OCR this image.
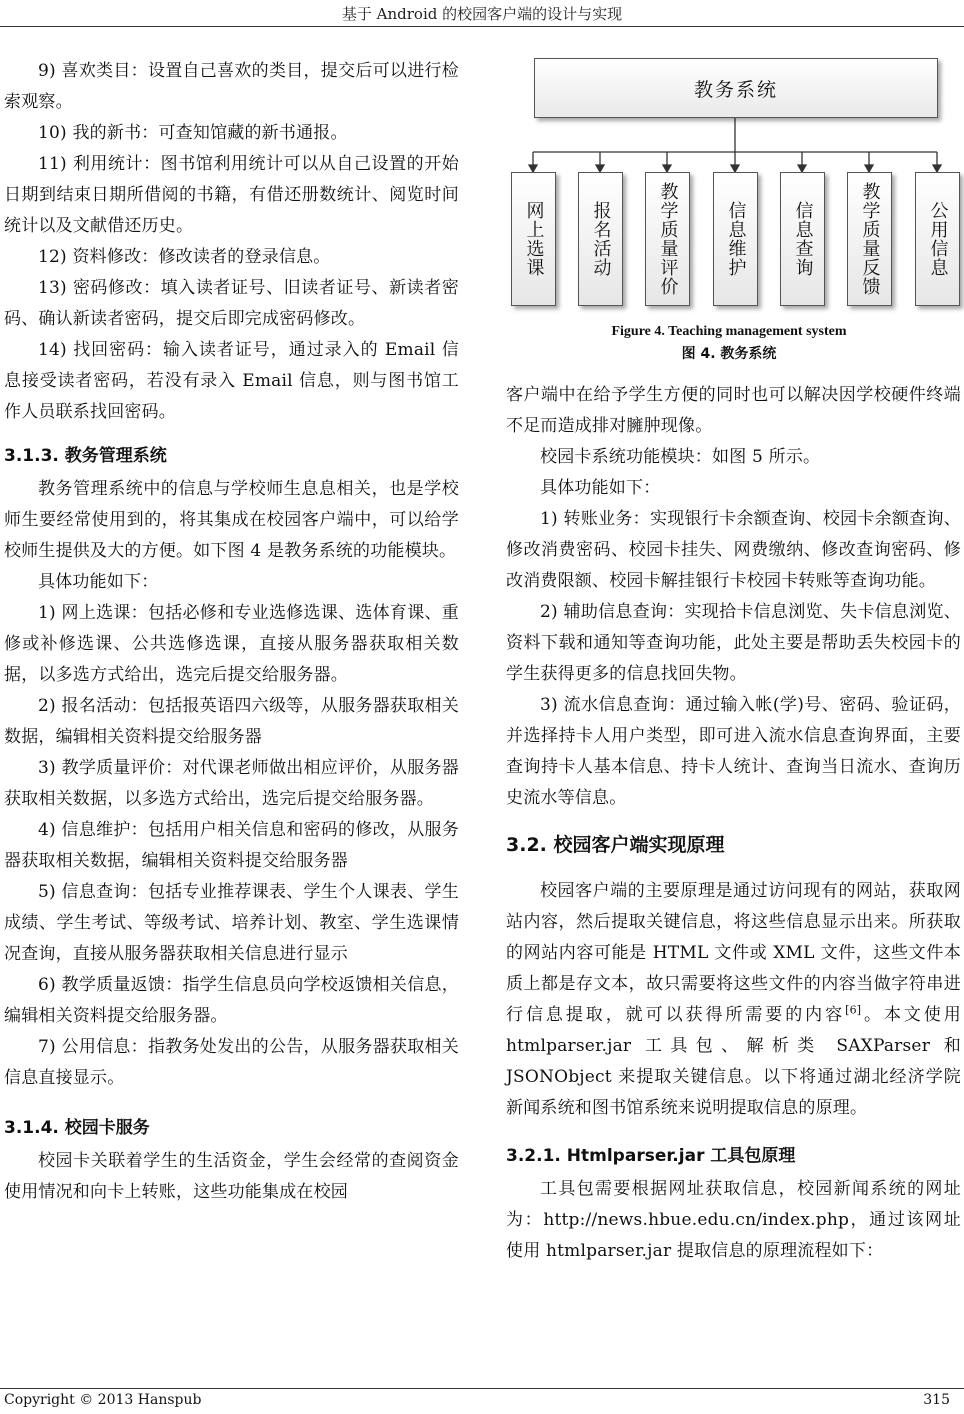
基于 Android 的校园客户端的设计与实现

9) 喜欢类目：设置自己喜欢的类目，提交后可以进行检索观察。

10) 我的新书：可查知馆藏的新书通报。

11) 利用统计：图书馆利用统计可以从自己设置的开始日期到结束日期所借阅的书籍，有借还册数统计、阅览时间统计以及文献借还历史。

12) 资料修改：修改读者的登录信息。

13) 密码修改：填入读者证号、旧读者证号、新读者密码、确认新读者密码，提交后即完成密码修改。

14) 找回密码：输入读者证号，通过录入的 Email 信息接受读者密码，若没有录入 Email 信息，则与图书馆工作人员联系找回密码。

3.1.3. 教务管理系统

教务管理系统中的信息与学校师生息息相关，也是学校师生要经常使用到的，将其集成在校园客户端中，可以给学校师生提供及大的方便。如下图 4 是教务系统的功能模块。

具体功能如下：

1) 网上选课：包括必修和专业选修选课、选体育课、重修或补修选课、公共选修选课，直接从服务器获取相关数据，以多选方式给出，选完后提交给服务器。

2) 报名活动：包括报英语四六级等，从服务器获取相关数据，编辑相关资料提交给服务器

3) 教学质量评价：对代课老师做出相应评价，从服务器获取相关数据，以多选方式给出，选完后提交给服务器。

4) 信息维护：包括用户相关信息和密码的修改，从服务器获取相关数据，编辑相关资料提交给服务器

5) 信息查询：包括专业推荐课表、学生个人课表、学生成绩、学生考试、等级考试、培养计划、教室、学生选课情况查询，直接从服务器获取相关信息进行显示

6) 教学质量返馈：指学生信息员向学校返馈相关信息，编辑相关资料提交给服务器。

7) 公用信息：指教务处发出的公告，从服务器获取相关信息直接显示。

3.1.4. 校园卡服务

校园卡关联着学生的生活资金，学生会经常的查阅资金使用情况和向卡上转账，这些功能集成在校园

教务系统
网上选课	报名活动	教学质量评价	信息维护	信息查询	教学质量反馈	公用信息
Figure 4. Teaching management system
图 4. 教务系统

客户端中在给予学生方便的同时也可以解决因学校硬件终端不足而造成排对臃肿现像。

校园卡系统功能模块：如图 5 所示。

具体功能如下：

1) 转账业务：实现银行卡余额查询、校园卡余额查询、修改消费密码、校园卡挂失、网费缴纳、修改查询密码、修改消费限额、校园卡解挂银行卡校园卡转账等查询功能。

2) 辅助信息查询：实现拾卡信息浏览、失卡信息浏览、资料下载和通知等查询功能，此处主要是帮助丢失校园卡的学生获得更多的信息找回失物。

3) 流水信息查询：通过输入帐(学)号、密码、验证码，并选择持卡人用户类型，即可进入流水信息查询界面，主要查询持卡人基本信息、持卡人统计、查询当日流水、查询历史流水等信息。

3.2. 校园客户端实现原理

校园客户端的主要原理是通过访问现有的网站，获取网站内容，然后提取关键信息，将这些信息显示出来。所获取的网站内容可能是 HTML 文件或 XML 文件，这些文件本质上都是存文本，故只需要将这些文件的内容当做字符串进行信息提取，就可以获得所需要的内容[6]。本文使用 htmlparser.jar 工具包、解析类 SAXParser 和 JSONObject 来提取关键信息。以下将通过湖北经济学院新闻系统和图书馆系统来说明提取信息的原理。

3.2.1. Htmlparser.jar 工具包原理

工具包需要根据网址获取信息，校园新闻系统的网址为：http://news.hbue.edu.cn/index.php，通过该网址使用 htmlparser.jar 提取信息的原理流程如下：

Copyright © 2013 Hanspub	315
